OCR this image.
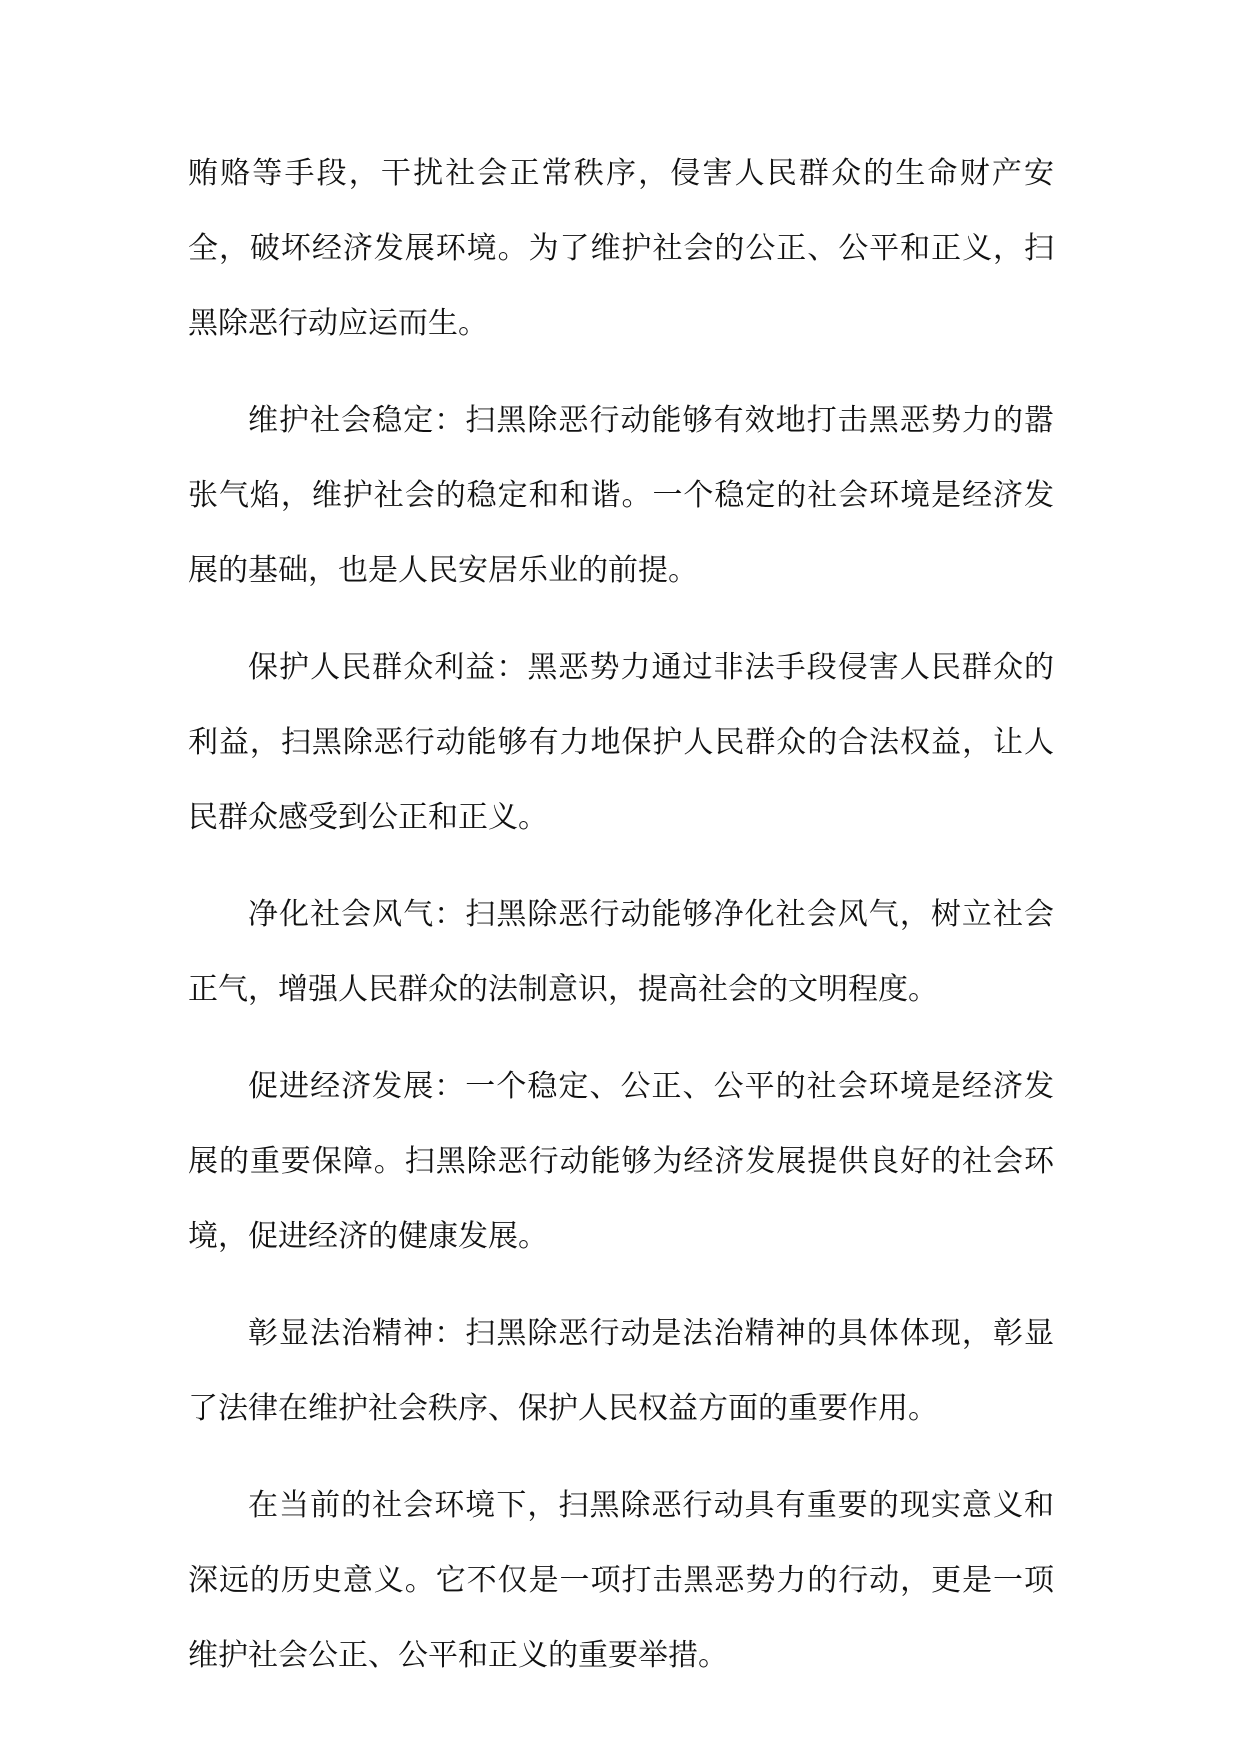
贿赂等手段，干扰社会正常秩序，侵害人民群众的生命财产安全，破坏经济发展环境。为了维护社会的公正、公平和正义，扫黑除恶行动应运而生。

维护社会稳定：扫黑除恶行动能够有效地打击黑恶势力的嚣张气焰，维护社会的稳定和和谐。一个稳定的社会环境是经济发展的基础，也是人民安居乐业的前提。

保护人民群众利益：黑恶势力通过非法手段侵害人民群众的利益，扫黑除恶行动能够有力地保护人民群众的合法权益，让人民群众感受到公正和正义。

净化社会风气：扫黑除恶行动能够净化社会风气，树立社会正气，增强人民群众的法制意识，提高社会的文明程度。

促进经济发展：一个稳定、公正、公平的社会环境是经济发展的重要保障。扫黑除恶行动能够为经济发展提供良好的社会环境，促进经济的健康发展。

彰显法治精神：扫黑除恶行动是法治精神的具体体现，彰显了法律在维护社会秩序、保护人民权益方面的重要作用。

在当前的社会环境下，扫黑除恶行动具有重要的现实意义和深远的历史意义。它不仅是一项打击黑恶势力的行动，更是一项维护社会公正、公平和正义的重要举措。
